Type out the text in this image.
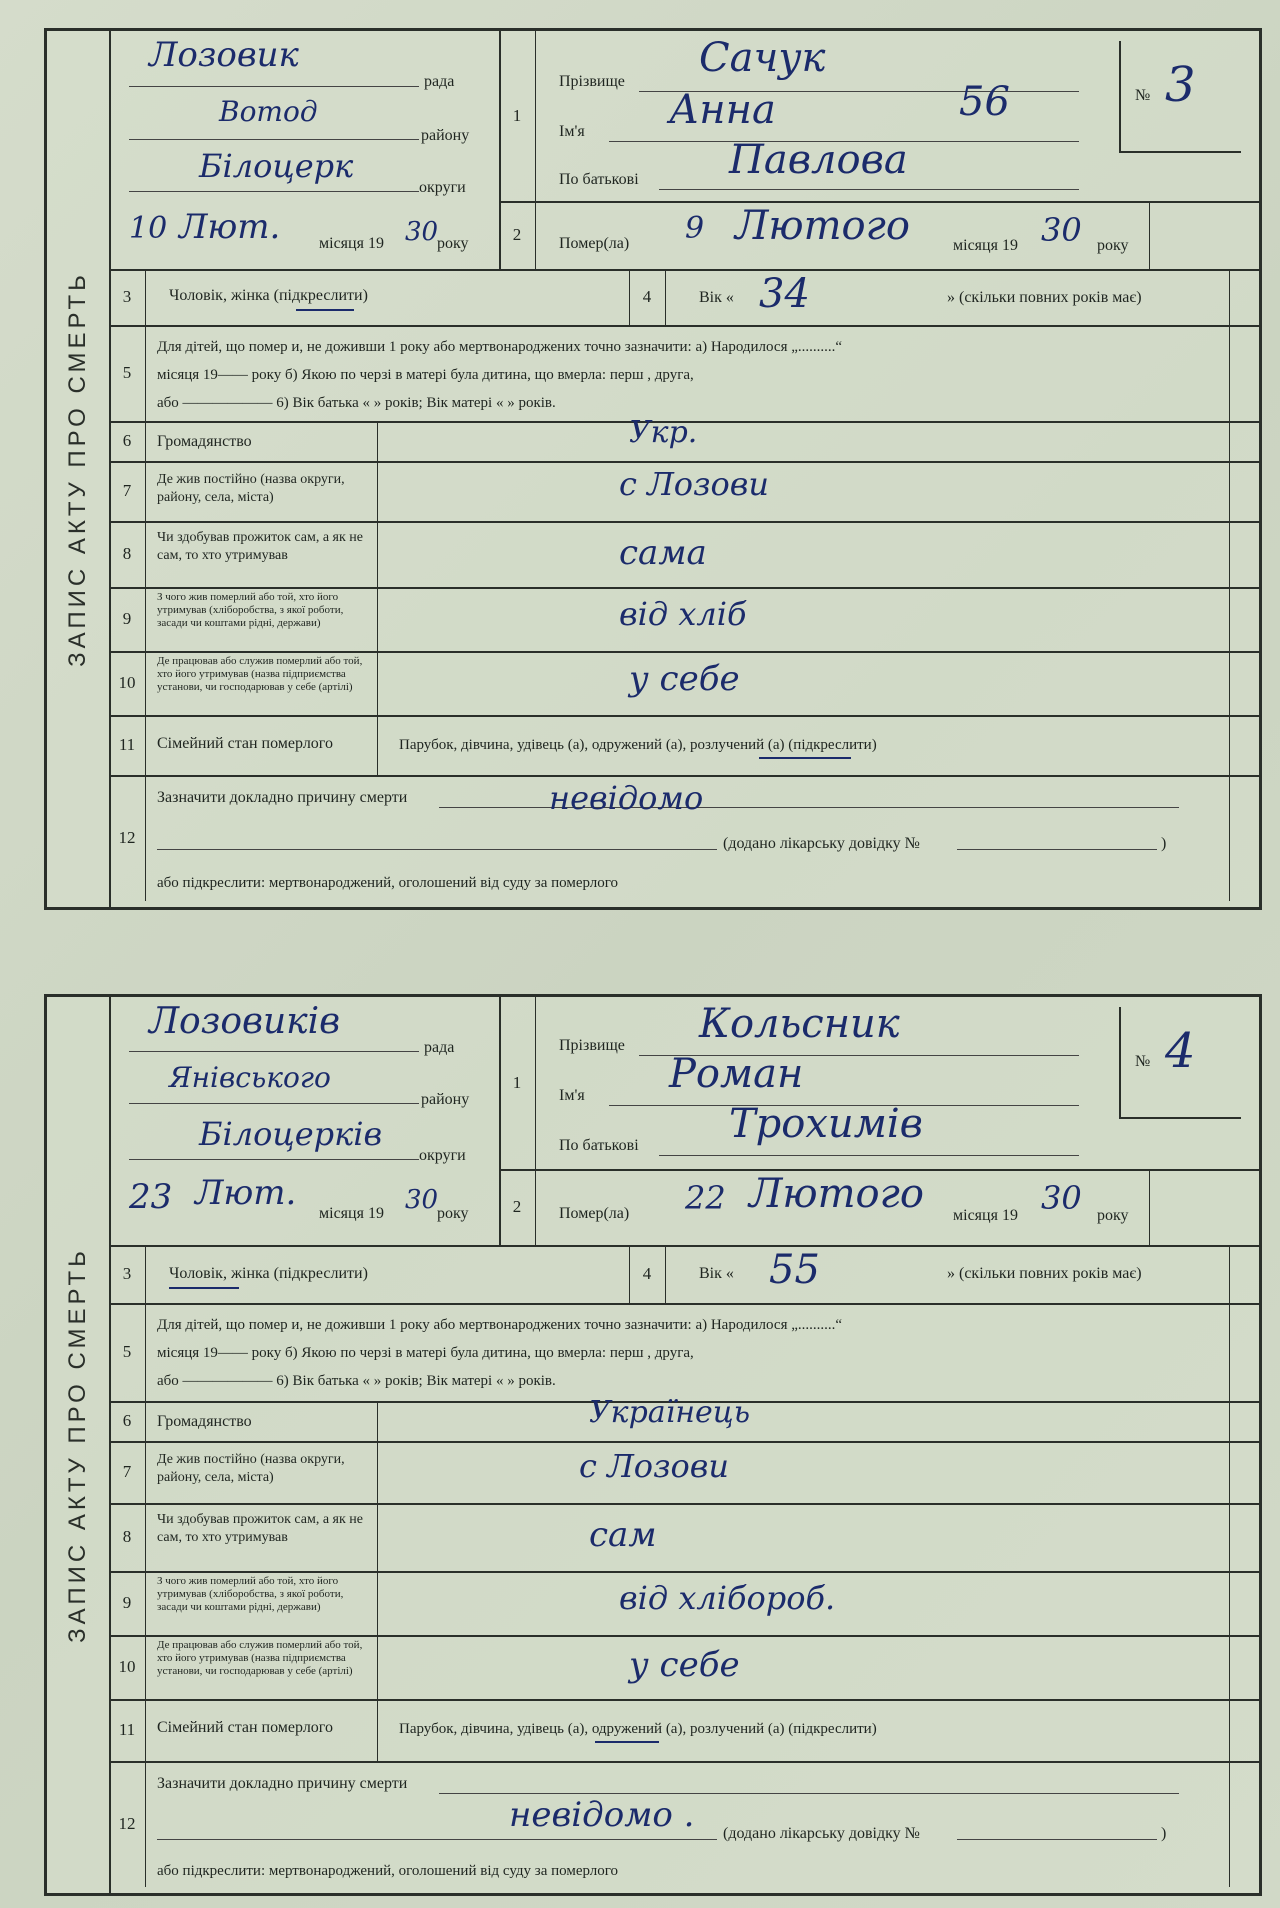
ЗАПИС АКТУ ПРО СМЕРТЬ
Лозовик
рада
Вотод
району
Білоцерк
округи
10 Лют. місяця 19 30
року
1
Прізвище
Сачук
Ім'я Анна	56
По батькові Павлова
№ 3
2	Помер(ла) 9 Лютого	місяця 19 30 року
3	Чоловік, жінка (підкреслити)	4	Вік « 34	» (скільки повних років має)
5
Для дітей, що помер и, не доживши 1 року або мертвонароджених точно зазначити: а) Народилося „..........“
місяця 19—— року б) Якою по черзі в матері була дитина, що вмерла: перш , друга,
або —————— 6) Вік батька « » років; Вік матері « » років.
6	Громадянство	Укр.
7
Де жив постійно (назва округи, району, села, міста)	с Лозови
8
Чи здобував прожиток сам, а як не сам, то хто утримував	сама
9
З чого жив померлий або той, хто його утримував (хліборобства, з якої роботи, засади чи коштами рідні, держави)	від хліб
10
Де працював або служив померлий або той, хто його утримував (назва підприємства установи, чи господарював у себе (артілі)	у себе
11	Сімейний стан померлого	Парубок, дівчина, удівець (а), одружений (а), розлучений (а) (підкреслити)
12
Зазначити докладно причину смерти	невідомо
(додано лікарську довідку №	)
або підкреслити: мертвонароджений, оголошений від суду за померлого
ЗАПИС АКТУ ПРО СМЕРТЬ
Лозовиків
рада
Янівського
району
Білоцерків
округи
23 Лют.
місяця 19 30
року
1
Прізвище Кольсник
Ім'я Роман
По батькові Трохимів
№ 4
2	Помер(ла) 22 Лютого місяця 19 30 року
3	Чоловік, жінка (підкреслити)	4	Вік « 55	» (скільки повних років має)
5
Для дітей, що помер и, не доживши 1 року або мертвонароджених точно зазначити: а) Народилося „..........“
місяця 19—— року б) Якою по черзі в матері була дитина, що вмерла: перш , друга,
або —————— 6) Вік батька « » років; Вік матері « » років.
6	Громадянство	Українець
7
Де жив постійно (назва округи, району, села, міста)	с Лозови
8
Чи здобував прожиток сам, а як не сам, то хто утримував	сам
9
З чого жив померлий або той, хто його утримував (хліборобства, з якої роботи, засади чи коштами рідні, держави)	від хлібороб.
10
Де працював або служив померлий або той, хто його утримував (назва підприємства установи, чи господарював у себе (артілі)	у себе
11	Сімейний стан померлого	Парубок, дівчина, удівець (а), одружений (а), розлучений (а) (підкреслити)
12
Зазначити докладно причину смерти
невідомо . (додано лікарську довідку №	)
або підкреслити: мертвонароджений, оголошений від суду за померлого
